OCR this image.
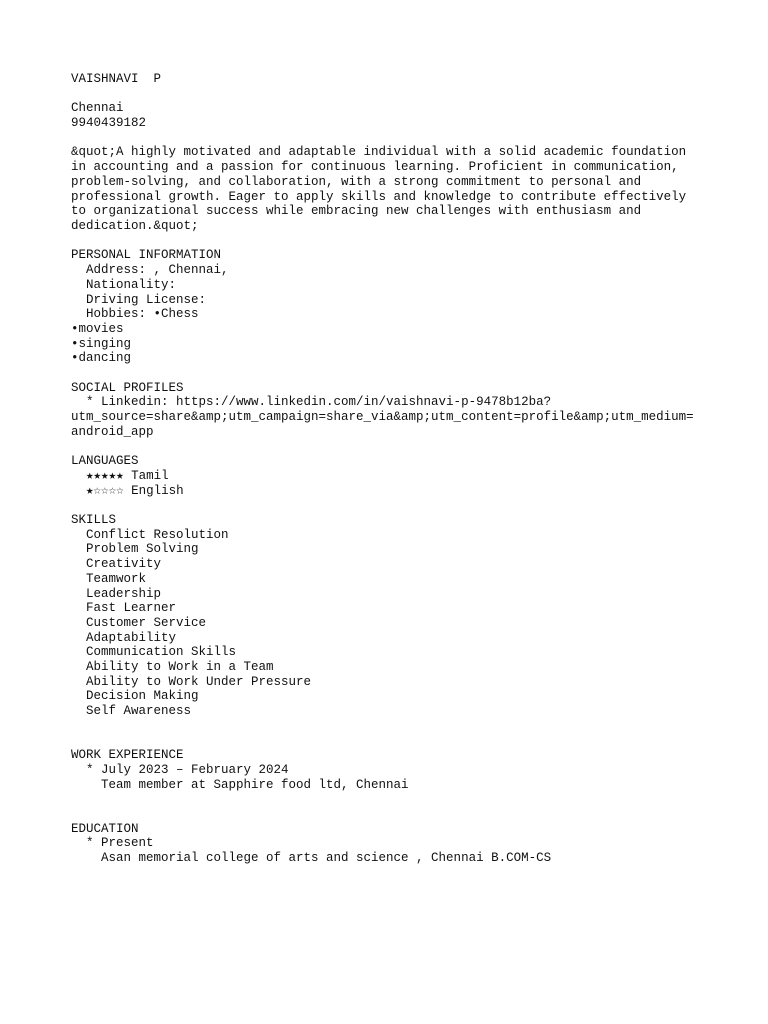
VAISHNAVI  P
Chennai
9940439182
&quot;A highly motivated and adaptable individual with a solid academic foundation
in accounting and a passion for continuous learning. Proficient in communication,
problem-solving, and collaboration, with a strong commitment to personal and
professional growth. Eager to apply skills and knowledge to contribute effectively
to organizational success while embracing new challenges with enthusiasm and
dedication.&quot;
PERSONAL INFORMATION
Address: , Chennai,
Nationality:
Driving License:
Hobbies: •Chess
•movies
•singing
•dancing
SOCIAL PROFILES
* Linkedin: https://www.linkedin.com/in/vaishnavi-p-9478b12ba?
utm_source=share&amp;utm_campaign=share_via&amp;utm_content=profile&amp;utm_medium=
android_app
LANGUAGES
★★★★★ Tamil
★☆☆☆☆ English
SKILLS
Conflict Resolution
Problem Solving
Creativity
Teamwork
Leadership
Fast Learner
Customer Service
Adaptability
Communication Skills
Ability to Work in a Team
Ability to Work Under Pressure
Decision Making
Self Awareness
WORK EXPERIENCE
* July 2023 – February 2024
Team member at Sapphire food ltd, Chennai
EDUCATION
* Present
Asan memorial college of arts and science , Chennai B.COM-CS
